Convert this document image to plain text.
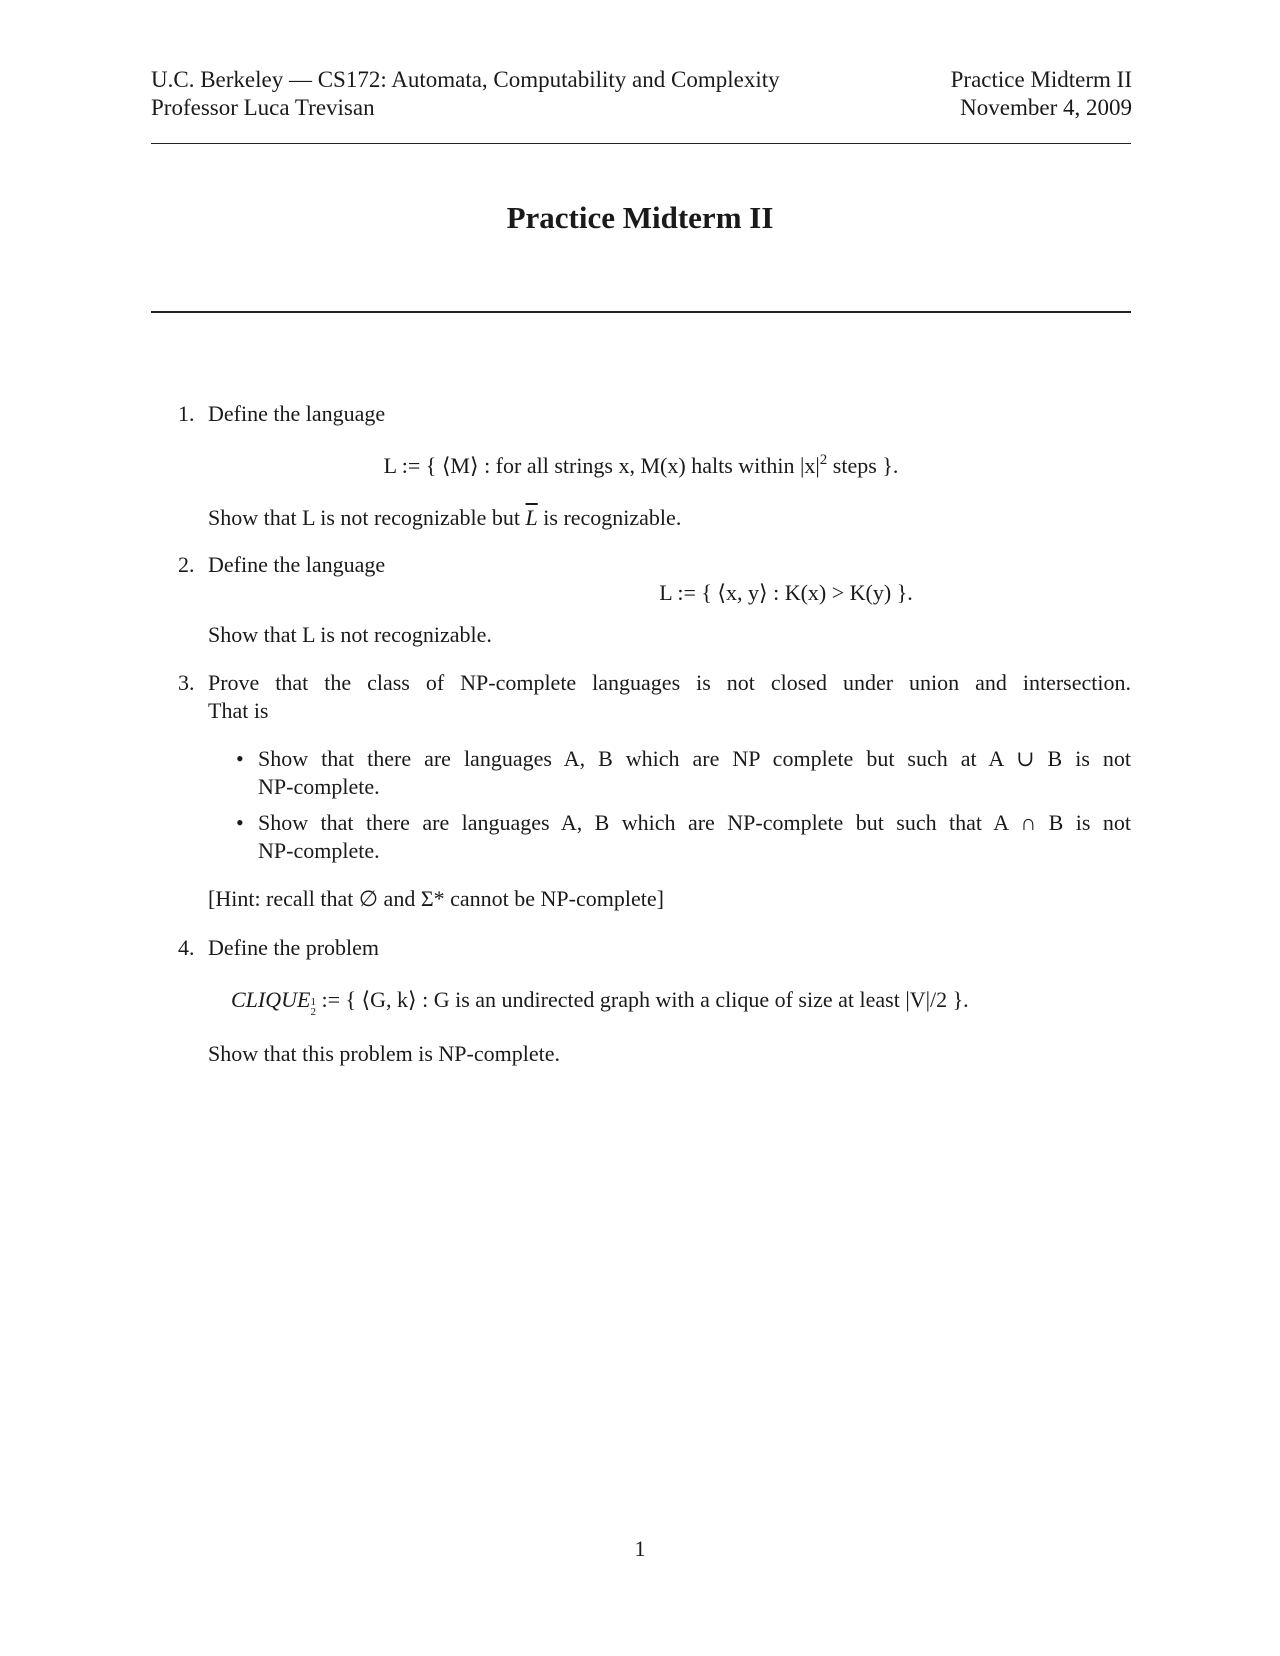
U.C. Berkeley — CS172: Automata, Computability and Complexity
Professor Luca Trevisan
Practice Midterm II
November 4, 2009
Practice Midterm II
1. Define the language
L := { ⟨M⟩ : for all strings x, M(x) halts within $|x|^2$ steps }.
Show that L is not recognizable but $\overline{L}$ is recognizable.
2. Define the language
L := { ⟨x, y⟩ : K(x) > K(y) }.
Show that L is not recognizable.
3. Prove that the class of NP-complete languages is not closed under union and intersection.
That is
• Show that there are languages A, B which are NP complete but such at A ∪ B is not
NP-complete.
• Show that there are languages A, B which are NP-complete but such that A ∩ B is not
NP-complete.
[Hint: recall that ∅ and Σ* cannot be NP-complete]
4. Define the problem
$CLIQUE_{1 2}$ := { ⟨G, k⟩ : G is an undirected graph with a clique of size at least |V|/2 }.
Show that this problem is NP-complete.
1
